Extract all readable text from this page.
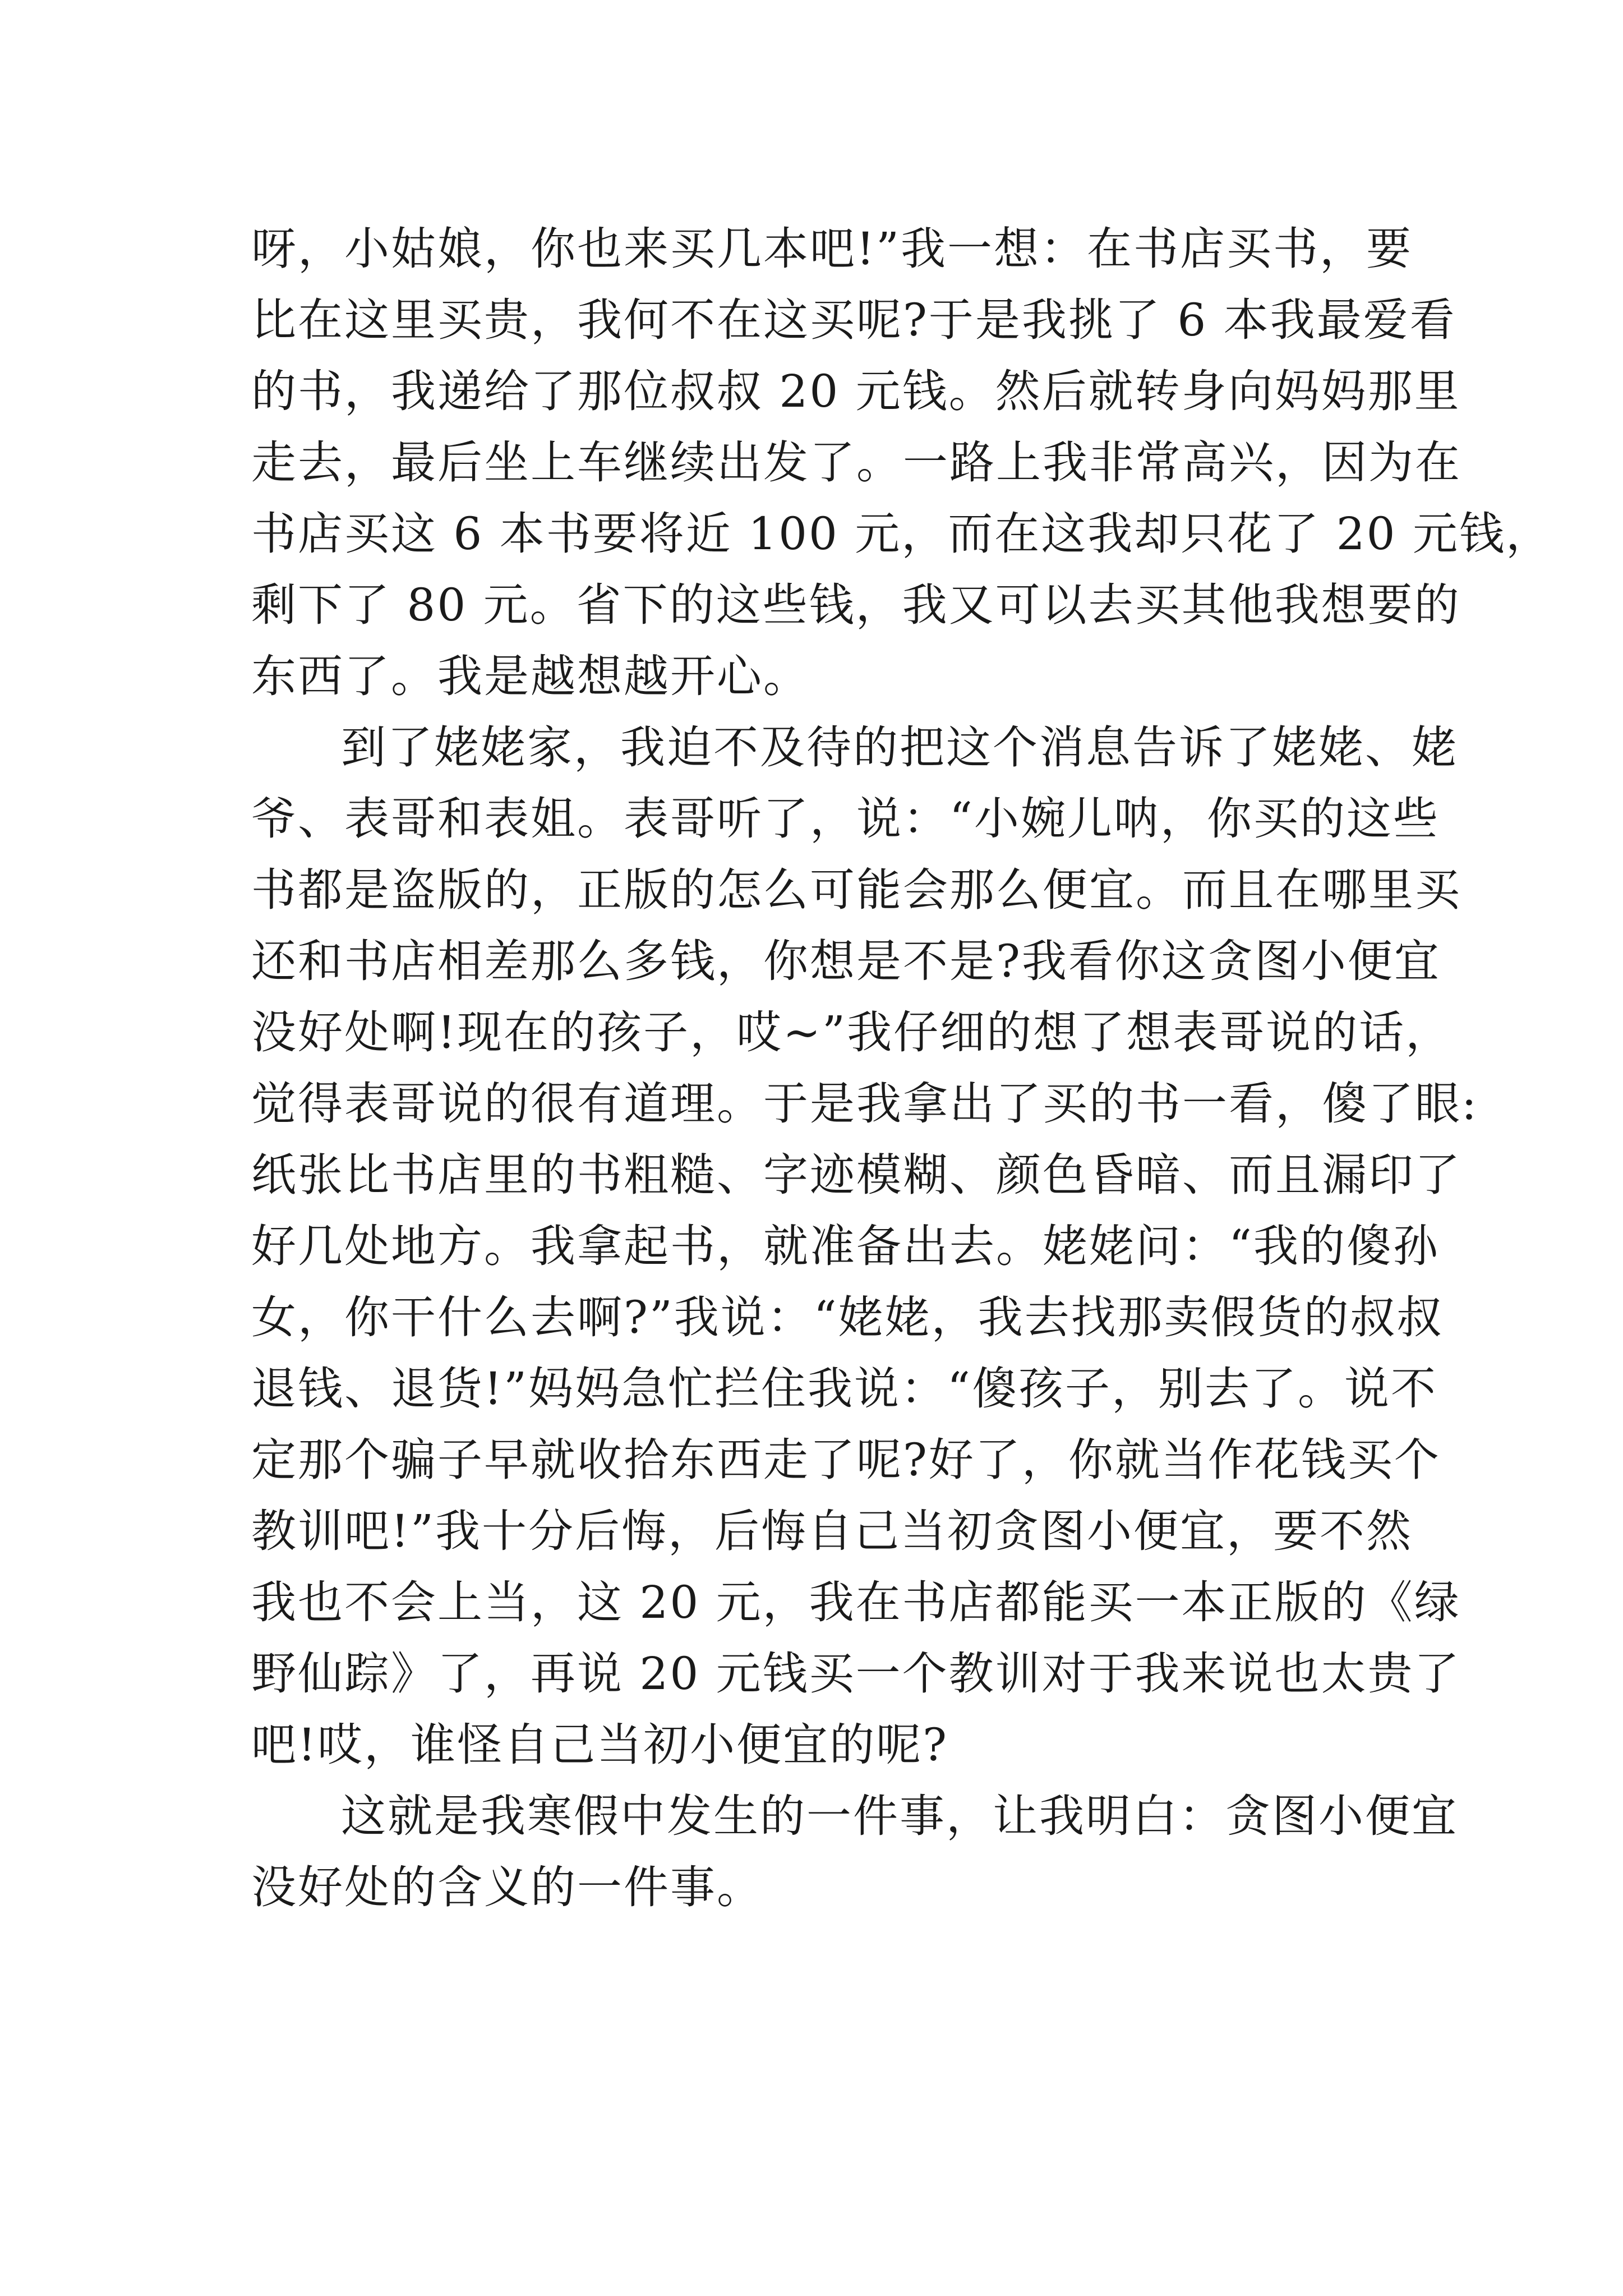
呀，小姑娘，你也来买几本吧!”我一想：在书店买书，要
比在这里买贵，我何不在这买呢?于是我挑了 6 本我最爱看
的书，我递给了那位叔叔 20 元钱。然后就转身向妈妈那里
走去，最后坐上车继续出发了。一路上我非常高兴，因为在
书店买这 6 本书要将近 100 元，而在这我却只花了 20 元钱，
剩下了 80 元。省下的这些钱，我又可以去买其他我想要的
东西了。我是越想越开心。
到了姥姥家，我迫不及待的把这个消息告诉了姥姥、姥
爷、表哥和表姐。表哥听了，说：“小婉儿呐，你买的这些
书都是盗版的，正版的怎么可能会那么便宜。而且在哪里买
还和书店相差那么多钱，你想是不是?我看你这贪图小便宜
没好处啊!现在的孩子，哎~”我仔细的想了想表哥说的话，
觉得表哥说的很有道理。于是我拿出了买的书一看，傻了眼:
纸张比书店里的书粗糙、字迹模糊、颜色昏暗、而且漏印了
好几处地方。我拿起书，就准备出去。姥姥问：“我的傻孙
女，你干什么去啊?”我说：“姥姥，我去找那卖假货的叔叔
退钱、退货!”妈妈急忙拦住我说：“傻孩子，别去了。说不
定那个骗子早就收拾东西走了呢?好了，你就当作花钱买个
教训吧!”我十分后悔，后悔自己当初贪图小便宜，要不然
我也不会上当，这 20 元，我在书店都能买一本正版的《绿
野仙踪》了，再说 20 元钱买一个教训对于我来说也太贵了
吧!哎，谁怪自己当初小便宜的呢?
这就是我寒假中发生的一件事，让我明白：贪图小便宜
没好处的含义的一件事。
